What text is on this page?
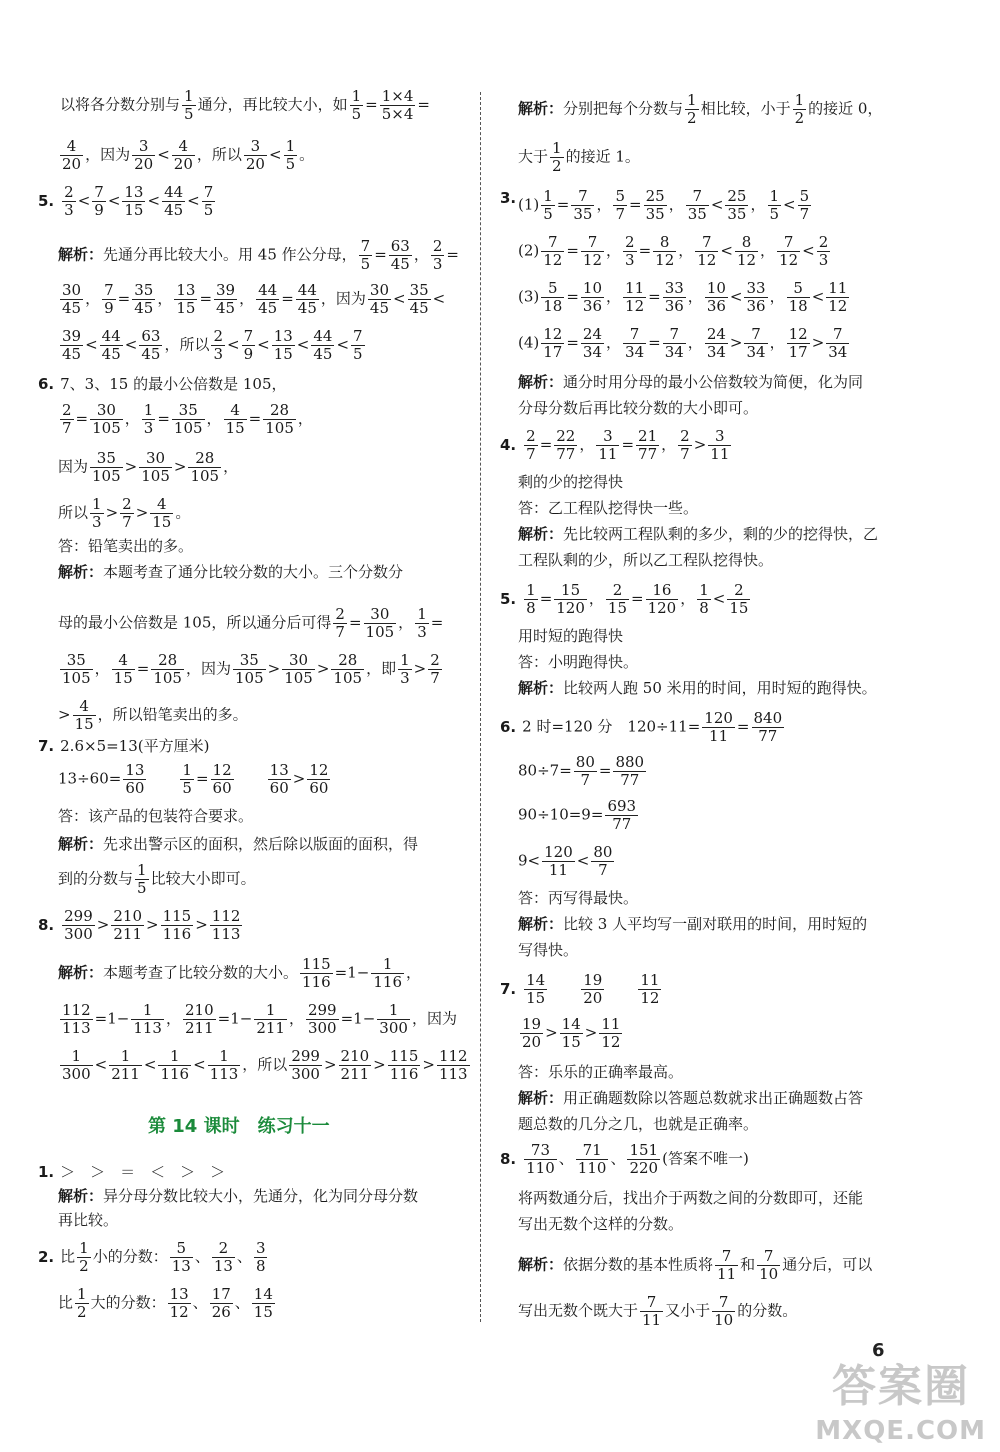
以将各分数分别与 $\frac{1}{5}$ 通分，再比较大小，如 $\frac{1}{5} = \frac{1\times 4}{5\times 4}$ =
$\frac{4}{20}$ ，因为 $\frac{3}{20} < \frac{4}{20}$ ，所以 $\frac{3}{20} < \frac{1}{5}$ 。
5. $\frac{2}{3} < \frac{7}{9} < \frac{13}{15} < \frac{44}{45} < \frac{7}{5}$
解析：先通分再比较大小。用 45 作公分母， $\frac{7}{5} = \frac{63}{45}$ ， $\frac{2}{3}$ =
$\frac{30}{45}$ ， $\frac{7}{9} = \frac{35}{45}$ ， $\frac{13}{15} = \frac{39}{45}$ ， $\frac{44}{45} = \frac{44}{45}$ ，因为 $\frac{30}{45} < \frac{35}{45}$ <
$\frac{39}{45} < \frac{44}{45} < \frac{63}{45}$ ，所以 $\frac{2}{3} < \frac{7}{9} < \frac{13}{15} < \frac{44}{45} < \frac{7}{5}$
6. 7、3、15 的最小公倍数是 105，
$\frac{2}{7} = \frac{30}{105}$ ， $\frac{1}{3} = \frac{35}{105}$ ， $\frac{4}{15} = \frac{28}{105}$ ，
因为 $\frac{35}{105} > \frac{30}{105} > \frac{28}{105}$ ，
所以 $\frac{1}{3} > \frac{2}{7} > \frac{4}{15}$ 。
答：铅笔卖出的多。
解析：本题考查了通分比较分数的大小。三个分数分
母的最小公倍数是 105，所以通分后可得 $\frac{2}{7} = \frac{30}{105}$ ， $\frac{1}{3}$ =
$\frac{35}{105}$ ， $\frac{4}{15} = \frac{28}{105}$ ，因为 $\frac{35}{105} > \frac{30}{105} > \frac{28}{105}$ ，即 $\frac{1}{3} > \frac{2}{7}$
> $\frac{4}{15}$ ，所以铅笔卖出的多。
7. 2.6×5=13(平方厘米)
$13\div 60= \frac{13}{60}$
　　 $\frac{1}{5} = \frac{12}{60}$
　　 $\frac{13}{60} > \frac{12}{60}$
答：该产品的包装符合要求。
解析：先求出警示区的面积，然后除以版面的面积，得
到的分数与 $\frac{1}{5}$ 比较大小即可。
8. $\frac{299}{300} > \frac{210}{211} > \frac{115}{116} > \frac{112}{113}$
解析：本题考查了比较分数的大小。 $\frac{115}{116} =1- \frac{1}{116}$ ，
$\frac{112}{113} =1- \frac{1}{113}$ ， $\frac{210}{211} =1- \frac{1}{211}$ ， $\frac{299}{300} =1- \frac{1}{300}$ ，因为
$\frac{1}{300} < \frac{1}{211} < \frac{1}{116} < \frac{1}{113}$ ，所以 $\frac{299}{300} > \frac{210}{211} > \frac{115}{116} > \frac{112}{113}$
1. ＞　＞　＝　＜　＞　＞
解析：异分母分数比较大小，先通分，化为同分母分数
再比较。
2. 比 $\frac{1}{2}$ 小的分数： $\frac{5}{13}$ 、 $\frac{2}{13}$ 、 $\frac{3}{8}$
比 $\frac{1}{2}$ 大的分数： $\frac{13}{12}$ 、 $\frac{17}{26}$ 、 $\frac{14}{15}$
解析：分别把每个分数与 $\frac{1}{2}$ 相比较，小于 $\frac{1}{2}$ 的接近 0，
大于 $\frac{1}{2}$ 的接近 1。
3. $(1) \frac{1}{5} = \frac{7}{35}$ ， $\frac{5}{7} = \frac{25}{35}$ ， $\frac{7}{35} < \frac{25}{35}$ ， $\frac{1}{5} < \frac{5}{7}$
$(2) \frac{7}{12} = \frac{7}{12}$ ， $\frac{2}{3} = \frac{8}{12}$ ， $\frac{7}{12} < \frac{8}{12}$ ， $\frac{7}{12} < \frac{2}{3}$
$(3) \frac{5}{18} = \frac{10}{36}$ ， $\frac{11}{12} = \frac{33}{36}$ ， $\frac{10}{36} < \frac{33}{36}$ ， $\frac{5}{18} < \frac{11}{12}$
$(4) \frac{12}{17} = \frac{24}{34}$ ， $\frac{7}{34} = \frac{7}{34}$ ， $\frac{24}{34} > \frac{7}{34}$ ， $\frac{12}{17} > \frac{7}{34}$
解析：通分时用分母的最小公倍数较为简便，化为同
分母分数后再比较分数的大小即可。
4. $\frac{2}{7} = \frac{22}{77}$ ， $\frac{3}{11} = \frac{21}{77}$ ， $\frac{2}{7} > \frac{3}{11}$
剩的少的挖得快
答：乙工程队挖得快一些。
解析：先比较两工程队剩的多少，剩的少的挖得快，乙
工程队剩的少，所以乙工程队挖得快。
5. $\frac{1}{8} = \frac{15}{120}$ ， $\frac{2}{15} = \frac{16}{120}$ ， $\frac{1}{8} < \frac{2}{15}$
用时短的跑得快
答：小明跑得快。
解析：比较两人跑 50 米用的时间，用时短的跑得快。
6. 2 时=120 分　$120\div 11= \frac{120}{11} = \frac{840}{77}$
$80\div 7= \frac{80}{7} = \frac{880}{77}$
$90\div 10=9= \frac{693}{77}$
$9< \frac{120}{11} < \frac{80}{7}$
答：丙写得最快。
解析：比较 3 人平均写一副对联用的时间，用时短的
写得快。
7. $\frac{14}{15}$
　　 $\frac{19}{20}$
　　 $\frac{11}{12}$
$\frac{19}{20} > \frac{14}{15} > \frac{11}{12}$
答：乐乐的正确率最高。
解析：用正确题数除以答题总数就求出正确题数占答
题总数的几分之几，也就是正确率。
8. $\frac{73}{110}$ 、 $\frac{71}{110}$ 、 $\frac{151}{220}$ (答案不唯一)
将两数通分后，找出介于两数之间的分数即可，还能
写出无数个这样的分数。
解析：依据分数的基本性质将 $\frac{7}{11}$ 和 $\frac{7}{10}$ 通分后，可以
写出无数个既大于 $\frac{7}{11}$ 又小于 $\frac{7}{10}$ 的分数。
第 14 课时　练习十一
6
答案圈
MXQE.COM
